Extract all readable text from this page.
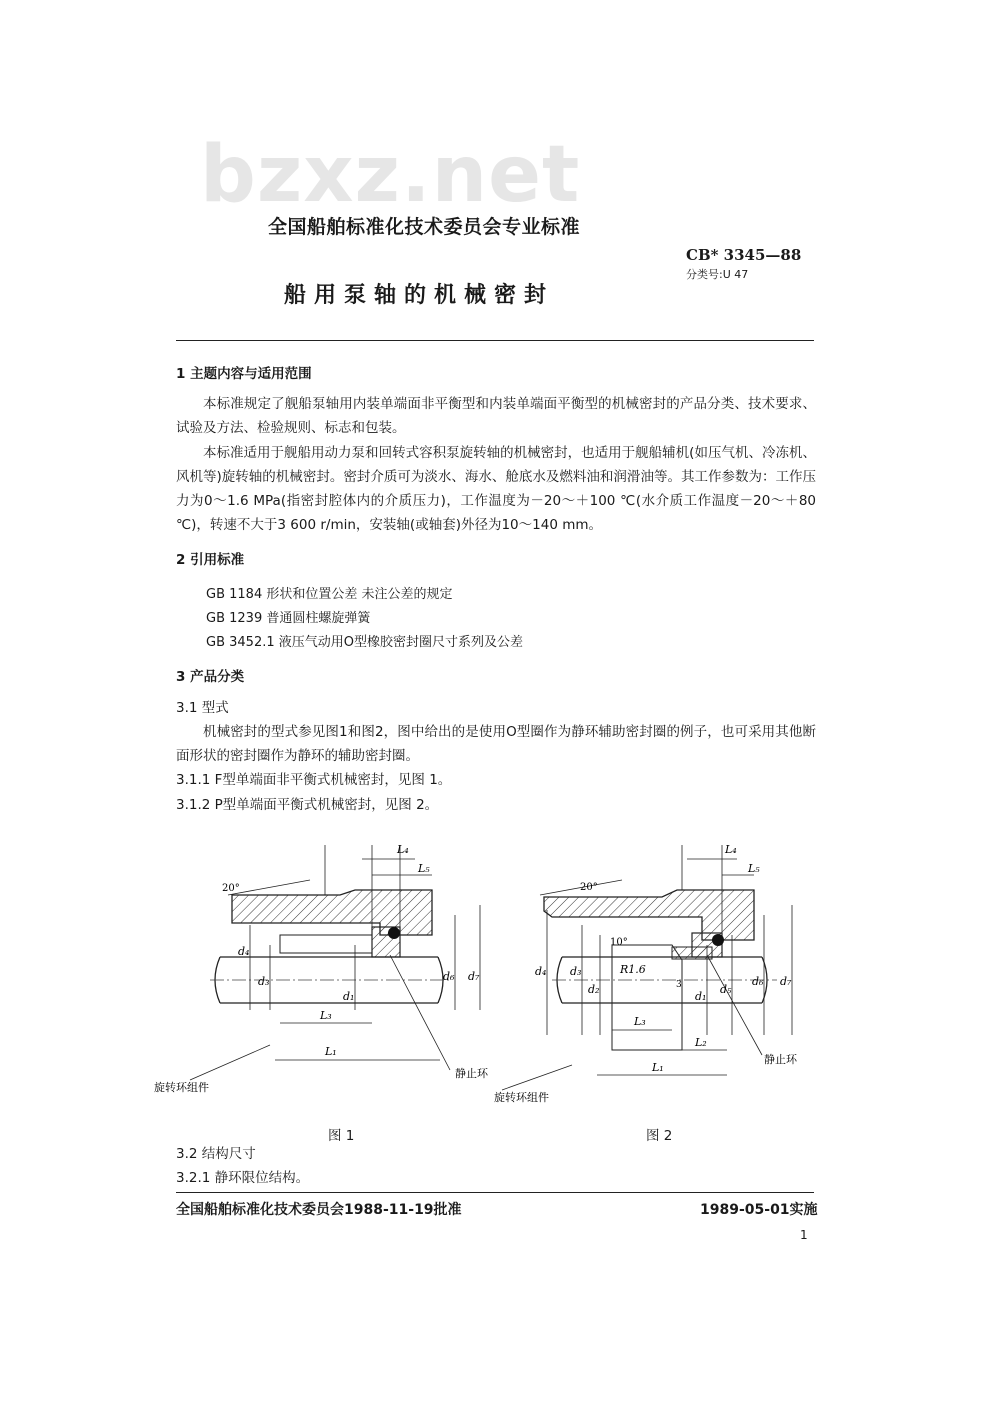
bzxz.net
全国船舶标准化技术委员会专业标准
CB* 3345—88
分类号:U 47
船用泵轴的机械密封
1 主题内容与适用范围

本标准规定了舰船泵轴用内装单端面非平衡型和内装单端面平衡型的机械密封的产品分类、技术要求、试验及方法、检验规则、标志和包装。

本标准适用于舰船用动力泵和回转式容积泵旋转轴的机械密封，也适用于舰船辅机(如压气机、冷冻机、风机等)旋转轴的机械密封。密封介质可为淡水、海水、舱底水及燃料油和润滑油等。其工作参数为：工作压力为0～1.6 MPa(指密封腔体内的介质压力)，工作温度为－20～＋100 ℃(水介质工作温度－20～＋80 ℃)，转速不大于3 600 r/min，安装轴(或轴套)外径为10～140 mm。

2 引用标准
GB 1184 形状和位置公差 未注公差的规定
GB 1239 普通圆柱螺旋弹簧
GB 3452.1 液压气动用O型橡胶密封圈尺寸系列及公差
3 产品分类
3.1 型式

机械密封的型式参见图1和图2，图中给出的是使用O型圈作为静环辅助密封圈的例子，也可采用其他断面形状的密封圈作为静环的辅助密封圈。

3.1.1 F型单端面非平衡式机械密封，见图 1。
3.1.2 P型单端面平衡式机械密封，见图 2。
L₄
L₅
20°
d₄
d₃
d₁
d₆ d₇
L₃
L₁
旋转环组件
静止环
L₄
L₅
20°
10°
R1.6
d₄ d₃
d₂
d₁
d₅
d₆ d₇
3
L₃
L₂
L₁
旋转环组件
静止环
图 1	图 2
3.2 结构尺寸
3.2.1 静环限位结构。
全国船舶标准化技术委员会1988-11-19批准	1989-05-01实施
1
